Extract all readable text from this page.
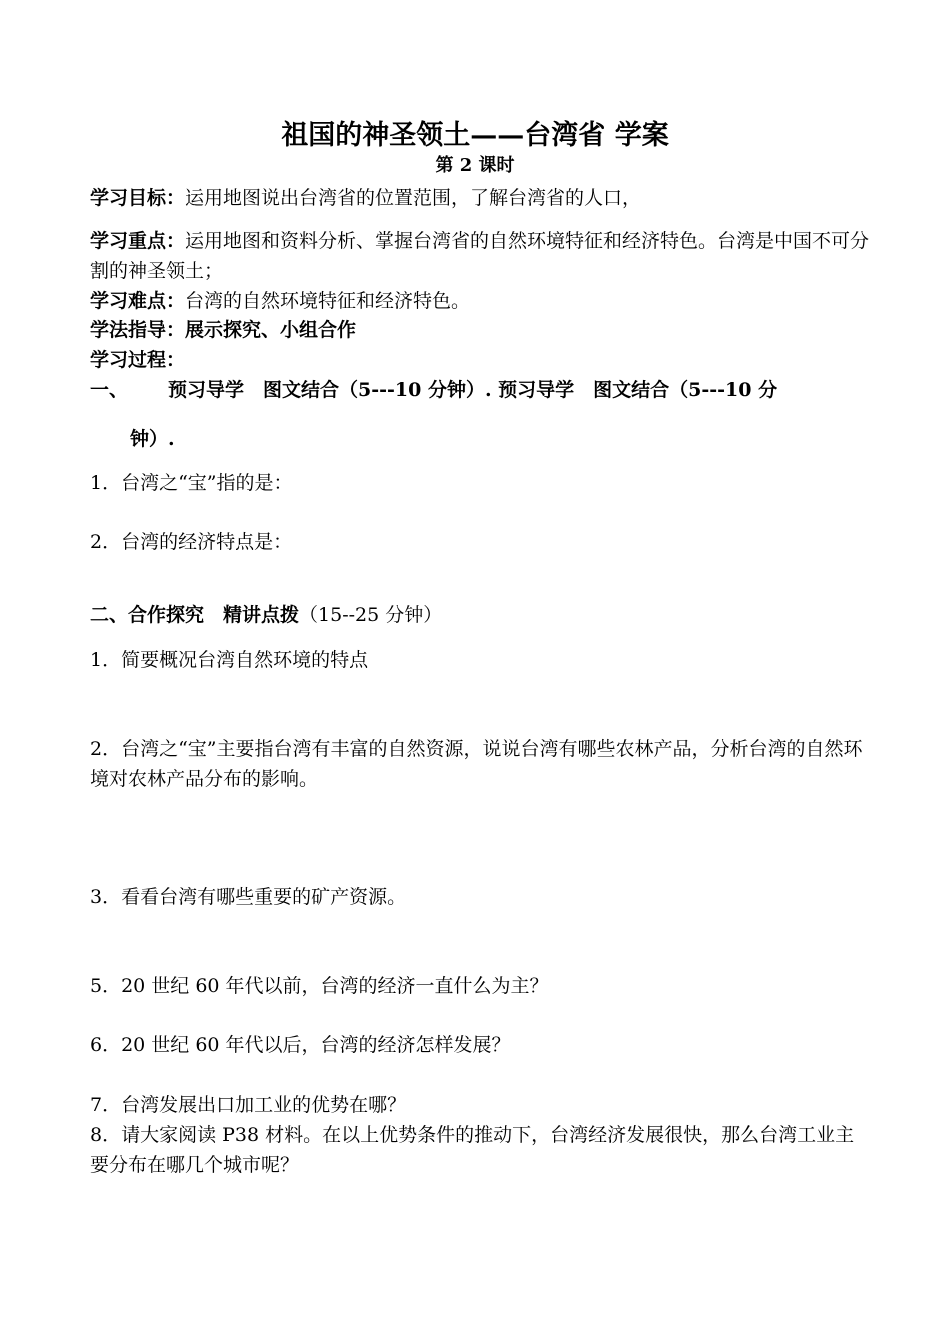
祖国的神圣领土——台湾省 学案
第 2 课时
学习目标：运用地图说出台湾省的位置范围，了解台湾省的人口，
学习重点：运用地图和资料分析、掌握台湾省的自然环境特征和经济特色。台湾是中国不可分割的神圣领土；
学习难点：台湾的自然环境特征和经济特色。
学法指导：展示探究、小组合作
学习过程：
一、 预习导学　图文结合（5---10 分钟）. 预习导学　图文结合（5---10 分
钟）.
1．台湾之“宝”指的是：
2．台湾的经济特点是：
二、合作探究　精讲点拨（15--25 分钟）
1．简要概况台湾自然环境的特点
2．台湾之“宝”主要指台湾有丰富的自然资源，说说台湾有哪些农林产品，分析台湾的自然环境对农林产品分布的影响。
3．看看台湾有哪些重要的矿产资源。
5．20 世纪 60 年代以前，台湾的经济一直什么为主？
6．20 世纪 60 年代以后，台湾的经济怎样发展？
7．台湾发展出口加工业的优势在哪？
8．请大家阅读 P38 材料。在以上优势条件的推动下，台湾经济发展很快，那么台湾工业主要分布在哪几个城市呢？
